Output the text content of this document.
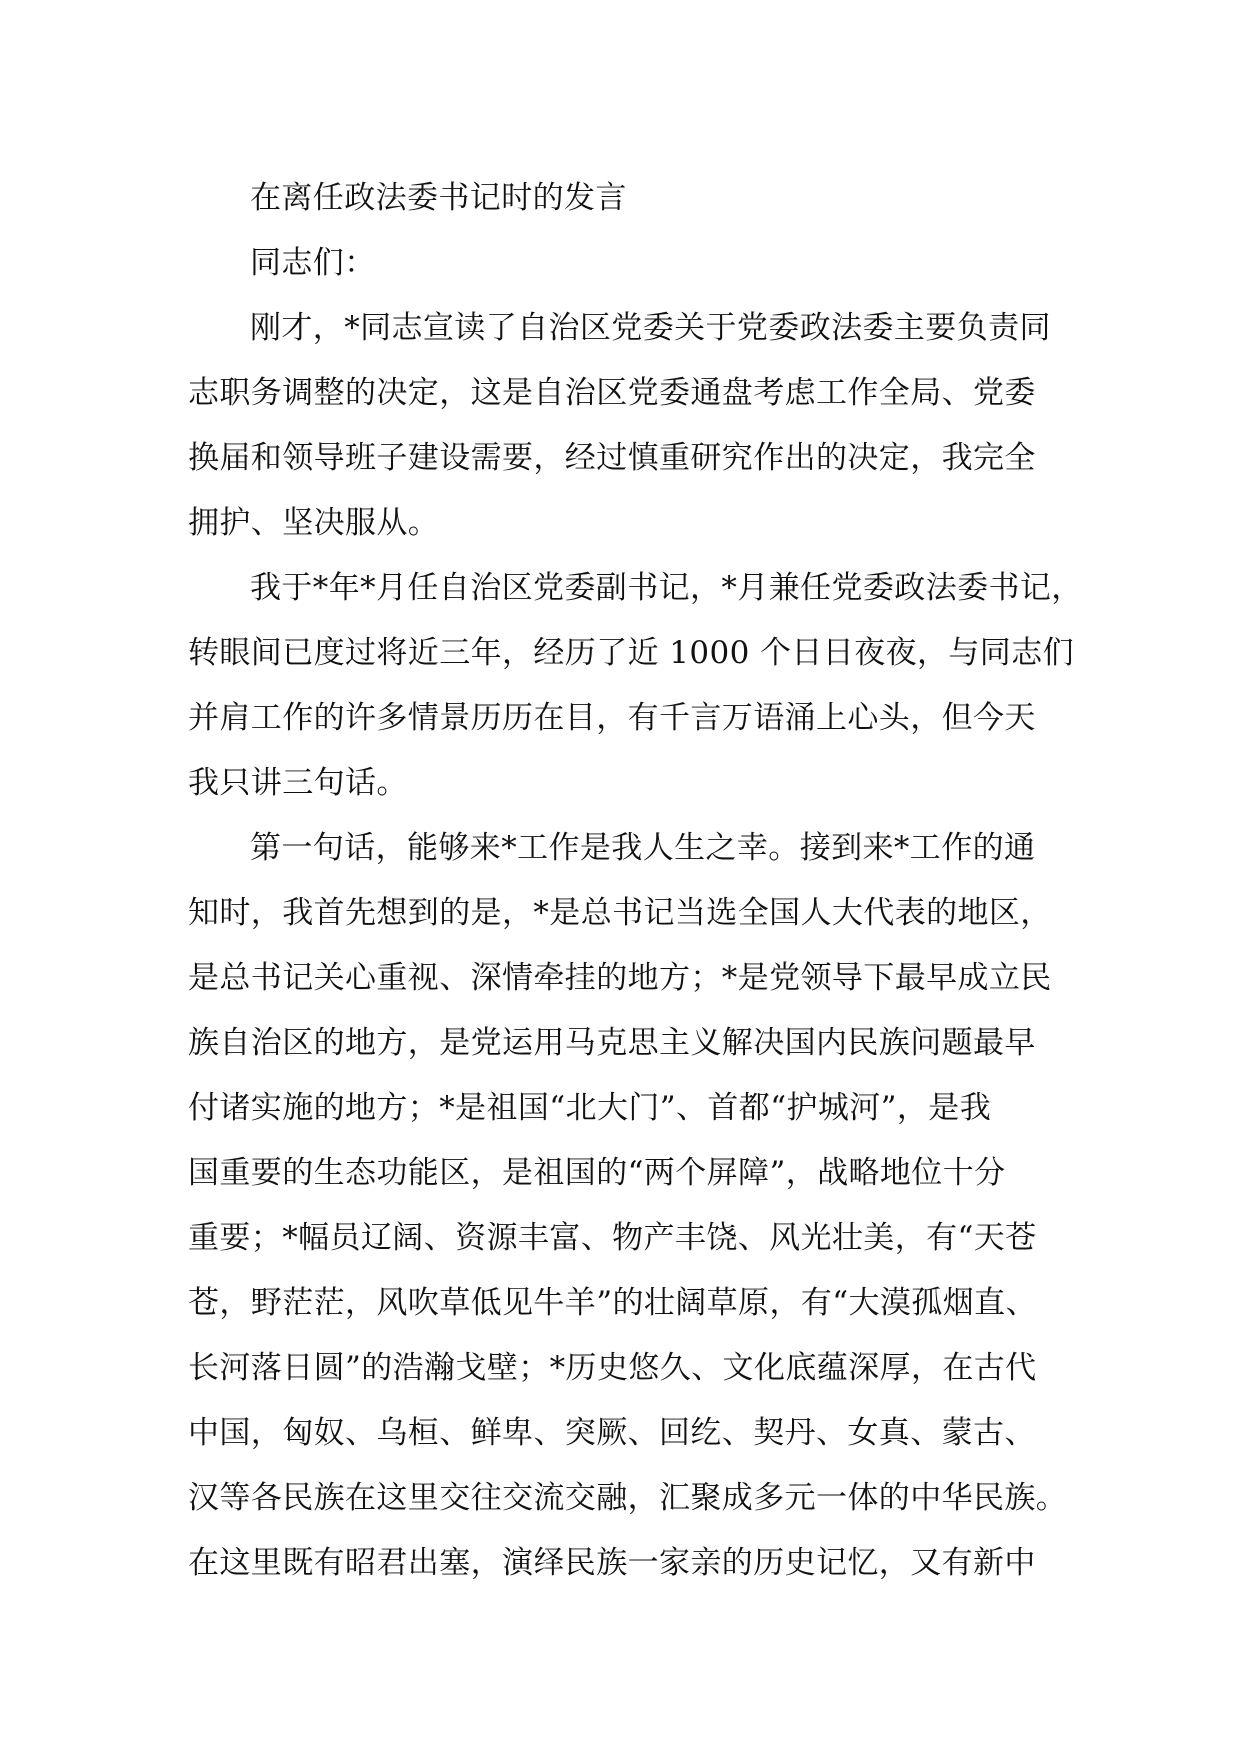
在离任政法委书记时的发言
同志们：
刚才，*同志宣读了自治区党委关于党委政法委主要负责同
志职务调整的决定，这是自治区党委通盘考虑工作全局、党委
换届和领导班子建设需要，经过慎重研究作出的决定，我完全
拥护、坚决服从。
我于*年*月任自治区党委副书记，*月兼任党委政法委书记，
转眼间已度过将近三年，经历了近 1000 个日日夜夜，与同志们
并肩工作的许多情景历历在目，有千言万语涌上心头，但今天
我只讲三句话。
第一句话，能够来*工作是我人生之幸。接到来*工作的通
知时，我首先想到的是，*是总书记当选全国人大代表的地区，
是总书记关心重视、深情牵挂的地方；*是党领导下最早成立民
族自治区的地方，是党运用马克思主义解决国内民族问题最早
付诸实施的地方；*是祖国“北大门”、首都“护城河”，是我
国重要的生态功能区，是祖国的“两个屏障”，战略地位十分
重要；*幅员辽阔、资源丰富、物产丰饶、风光壮美，有“天苍
苍，野茫茫，风吹草低见牛羊”的壮阔草原，有“大漠孤烟直、
长河落日圆”的浩瀚戈壁；*历史悠久、文化底蕴深厚，在古代
中国，匈奴、乌桓、鲜卑、突厥、回纥、契丹、女真、蒙古、
汉等各民族在这里交往交流交融，汇聚成多元一体的中华民族。
在这里既有昭君出塞，演绎民族一家亲的历史记忆，又有新中
